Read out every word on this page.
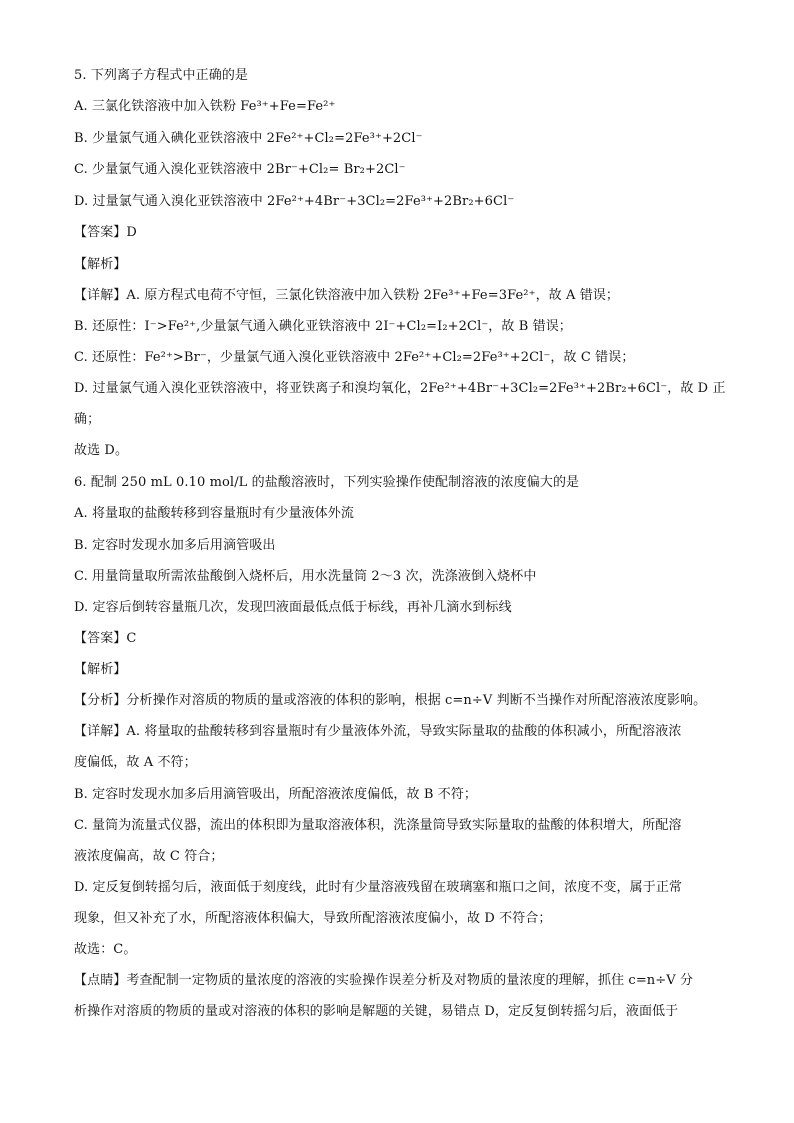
5. 下列离子方程式中正确的是
A. 三氯化铁溶液中加入铁粉 Fe³⁺+Fe=Fe²⁺
B. 少量氯气通入碘化亚铁溶液中 2Fe²⁺+Cl₂=2Fe³⁺+2Cl⁻
C. 少量氯气通入溴化亚铁溶液中 2Br⁻+Cl₂= Br₂+2Cl⁻
D. 过量氯气通入溴化亚铁溶液中 2Fe²⁺+4Br⁻+3Cl₂=2Fe³⁺+2Br₂+6Cl⁻
【答案】D
【解析】
【详解】A. 原方程式电荷不守恒，三氯化铁溶液中加入铁粉 2Fe³⁺+Fe=3Fe²⁺，故 A 错误；
B. 还原性：I⁻>Fe²⁺,少量氯气通入碘化亚铁溶液中 2I⁻+Cl₂=I₂+2Cl⁻，故 B 错误；
C. 还原性：Fe²⁺>Br⁻，少量氯气通入溴化亚铁溶液中 2Fe²⁺+Cl₂=2Fe³⁺+2Cl⁻，故 C 错误；
D. 过量氯气通入溴化亚铁溶液中，将亚铁离子和溴均氧化，2Fe²⁺+4Br⁻+3Cl₂=2Fe³⁺+2Br₂+6Cl⁻，故 D 正
确；
故选 D。
6. 配制 250 mL 0.10 mol/L 的盐酸溶液时，下列实验操作使配制溶液的浓度偏大的是
A. 将量取的盐酸转移到容量瓶时有少量液体外流
B. 定容时发现水加多后用滴管吸出
C. 用量筒量取所需浓盐酸倒入烧杯后，用水洗量筒 2～3 次，洗涤液倒入烧杯中
D. 定容后倒转容量瓶几次，发现凹液面最低点低于标线，再补几滴水到标线
【答案】C
【解析】
【分析】分析操作对溶质的物质的量或溶液的体积的影响，根据 c=n÷V 判断不当操作对所配溶液浓度影响。
【详解】A. 将量取的盐酸转移到容量瓶时有少量液体外流，导致实际量取的盐酸的体积减小，所配溶液浓
度偏低，故 A 不符；
B. 定容时发现水加多后用滴管吸出，所配溶液浓度偏低，故 B 不符；
C. 量筒为流量式仪器，流出的体积即为量取溶液体积，洗涤量筒导致实际量取的盐酸的体积增大，所配溶
液浓度偏高，故 C 符合；
D. 定反复倒转摇匀后，液面低于刻度线，此时有少量溶液残留在玻璃塞和瓶口之间，浓度不变，属于正常
现象，但又补充了水，所配溶液体积偏大，导致所配溶液浓度偏小，故 D 不符合；
故选：C。
【点睛】考查配制一定物质的量浓度的溶液的实验操作误差分析及对物质的量浓度的理解，抓住 c=n÷V 分
析操作对溶质的物质的量或对溶液的体积的影响是解题的关键，易错点 D，定反复倒转摇匀后，液面低于
